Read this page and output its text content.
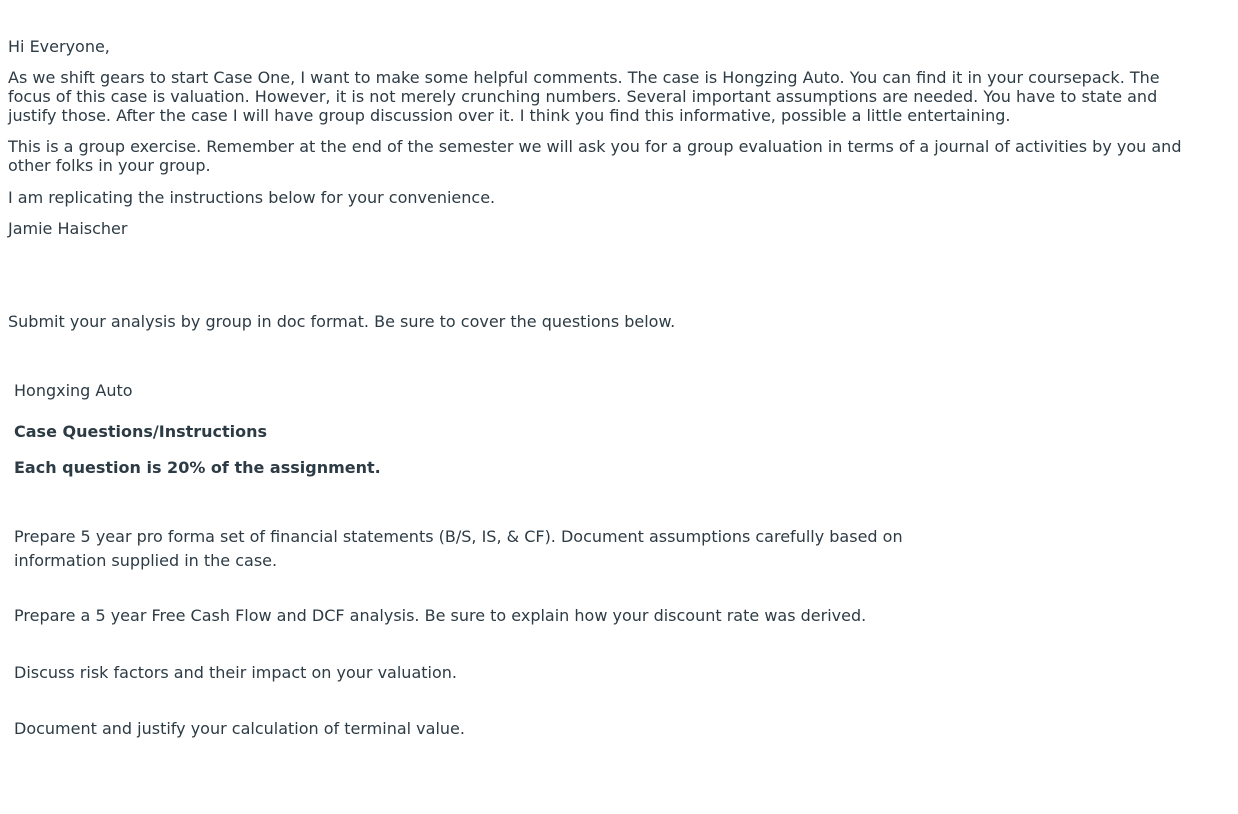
Hi Everyone,

As we shift gears to start Case One, I want to make some helpful comments. The case is Hongzing Auto. You can find it in your coursepack. The focus of this case is valuation. However, it is not merely crunching numbers. Several important assumptions are needed. You have to state and justify those. After the case I will have group discussion over it. I think you find this informative, possible a little entertaining.

This is a group exercise. Remember at the end of the semester we will ask you for a group evaluation in terms of a journal of activities by you and other folks in your group.

I am replicating the instructions below for your convenience.

Jamie Haischer

Submit your analysis by group in doc format. Be sure to cover the questions below.

Hongxing Auto

Case Questions/Instructions

Each question is 20% of the assignment.

Prepare 5 year pro forma set of financial statements (B/S, IS, & CF). Document assumptions carefully based on information supplied in the case.

Prepare a 5 year Free Cash Flow and DCF analysis. Be sure to explain how your discount rate was derived.

Discuss risk factors and their impact on your valuation.

Document and justify your calculation of terminal value.
